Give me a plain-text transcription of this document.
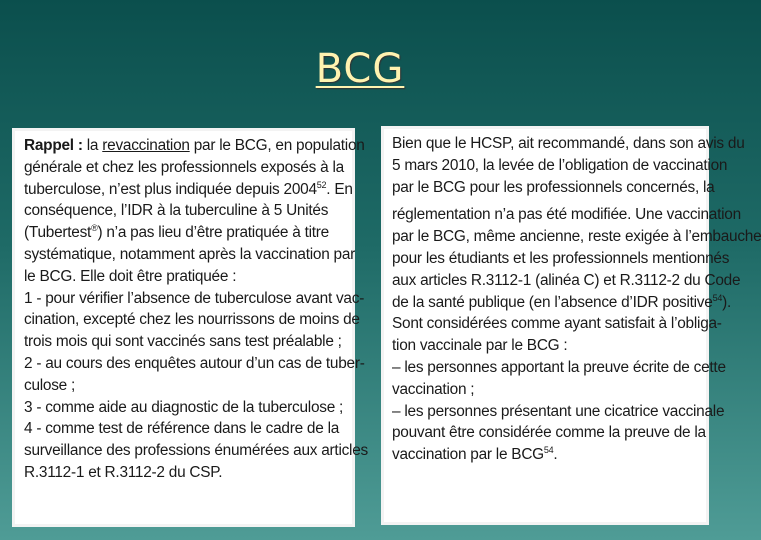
BCG
Rappel : la revaccination par le BCG, en population
générale et chez les professionnels exposés à la
tuberculose, n’est plus indiquée depuis 2004$^{52}$. En
conséquence, l’IDR à la tuberculine à 5 Unités
(Tubertest®) n’a pas lieu d’être pratiquée à titre
systématique, notamment après la vaccination par
le BCG. Elle doit être pratiquée :
1 - pour vérifier l’absence de tuberculose avant vac-
cination, excepté chez les nourrissons de moins de
trois mois qui sont vaccinés sans test préalable ;
2 - au cours des enquêtes autour d’un cas de tuber-
culose ;
3 - comme aide au diagnostic de la tuberculose ;
4 - comme test de référence dans le cadre de la
surveillance des professions énumérées aux articles
R.3112-1 et R.3112-2 du CSP.
Bien que le HCSP, ait recommandé, dans son avis du
5 mars 2010, la levée de l’obligation de vaccination
par le BCG pour les professionnels concernés, la
réglementation n’a pas été modifiée. Une vaccination
par le BCG, même ancienne, reste exigée à l’embauche
pour les étudiants et les professionnels mentionnés
aux articles R.3112-1 (alinéa C) et R.3112-2 du Code
de la santé publique (en l’absence d’IDR positive$^{54}$).
Sont considérées comme ayant satisfait à l’obliga-
tion vaccinale par le BCG :
– les personnes apportant la preuve écrite de cette
vaccination ;
– les personnes présentant une cicatrice vaccinale
pouvant être considérée comme la preuve de la
vaccination par le BCG$^{54}$.
